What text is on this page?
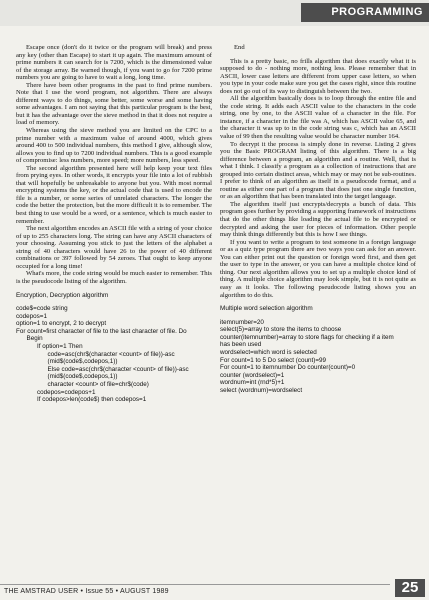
PROGRAMMING

Escape once (don't do it twice or the program will break) and press any key (other than Escape) to start it up again. The maximum amount of prime numbers it can search for is 7200, which is the dimensioned value of the storage array. Be warned though, if you want to go for 7200 prime numbers you are going to have to wait a long, long time.

There have been other programs in the past to find prime numbers. Note that I use the word program, not algorithm. There are always different ways to do things, some better, some worse and some having some advantages. I am not saying that this particular program is the best, but it has the advantage over the sieve method in that it does not require a load of memory.

Whereas using the sieve method you are limited on the CPC to a prime number with a maximum value of around 4000, which gives around 400 to 500 individual numbers, this method I give, although slow, allows you to find up to 7200 individual numbers. This is a good example of compromise: less numbers, more speed; more numbers, less speed.

The second algorithm presented here will help keep your text files from prying eyes. In other words, it encrypts your file into a lot of rubbish that will hopefully be unbreakable to anyone but you. With most normal encrypting systems the key, or the actual code that is used to encode the file is a number, or some series of unrelated characters. The longer the code the better the protection, but the more difficult it is to remember. The best thing to use would be a word, or a sentence, which is much easier to remember.

The next algorithm encodes an ASCII file with a string of your choice of up to 255 characters long. The string can have any ASCII characters of your choosing. Assuming you stick to just the letters of the alphabet a string of 40 characters would have 26 to the power of 40 different combinations or 397 followed by 54 zeroes. That ought to keep anyone occupied for a long time!

What's more, the code string would be much easier to remember. This is the pseudocode listing of the algorithm.

Encryption, Decryption algorithm
code$=code string
codepos=1
option=1 to encrypt, 2 to decrypt
For count=first character of file to the last character of file. Do
Begin
If option=1 Then
code=asc(chr$(character <count> of file))-asc
(mid$(code$,codepos,1))
Else code=asc(chr$(character <count> of file))-asc
(mid$(code$,codepos,1))
character <count> of file=chr$(code)
codepos=codepos+1
If codepos>len(code$) then codepos=1

End

This is a pretty basic, no frills algorithm that does exactly what it is supposed to do - nothing more, nothing less. Please remember that in ASCII, lower case letters are different from upper case letters, so when you type in your code make sure you get the cases right, since this routine does not go out of its way to distinguish between the two.

All the algorithm basically does is to loop through the entire file and the code string. It adds each ASCII value to the characters in the code string, one by one, to the ASCII value of a character in the file. For instance, if a character in the file was A, which has ASCII value 65, and the character it was up to in the code string was c, which has an ASCII value of 99 then the resulting value would be character number 164.

To decrypt it the process is simply done in reverse. Listing 2 gives you the Basic PROGRAM listing of this algorithm. There is a big difference between a program, an algorithm and a routine. Well, that is what I think. I classify a program as a collection of instructions that are grouped into certain distinct areas, which may or may not be sub-routines. I prefer to think of an algorithm as itself in a pseudocode format, and a routine as either one part of a program that does just one single function, or as an algorithm that has been translated into the target language.

The algorithm itself just encrypts/decrypts a bunch of data. This program goes further by providing a supporting framework of instructions that do the other things like loading the actual file to be encrypted or decrypted and asking the user for pieces of information. Other people may think things differently but this is how I see things.

If you want to write a program to test someone in a foreign language or as a quiz type program there are two ways you can ask for an answer. You can either print out the question or foreign word first, and then get the user to type in the answer, or you can have a multiple choice kind of thing. Our next algorithm allows you to set up a multiple choice kind of thing. A multiple choice algorithm may look simple, but it is not quite as easy as it looks. The following pseudocode listing shows you an algorithm to do this.

Multiple word selection algorithm
itemnumber=20
select(5)=array to store the items to choose
counter(itemnumber)=array to store flags for checking if a item
has been used
wordselect=which word is selected
For count=1 to 5 Do select (count)=99
For count=1 to itemnumber Do counter(count)=0
counter (wordselect)=1
wordnum=int (rnd*5)+1
select (wordnum)=wordselect
THE AMSTRAD USER • Issue 55 • AUGUST 1989	25
